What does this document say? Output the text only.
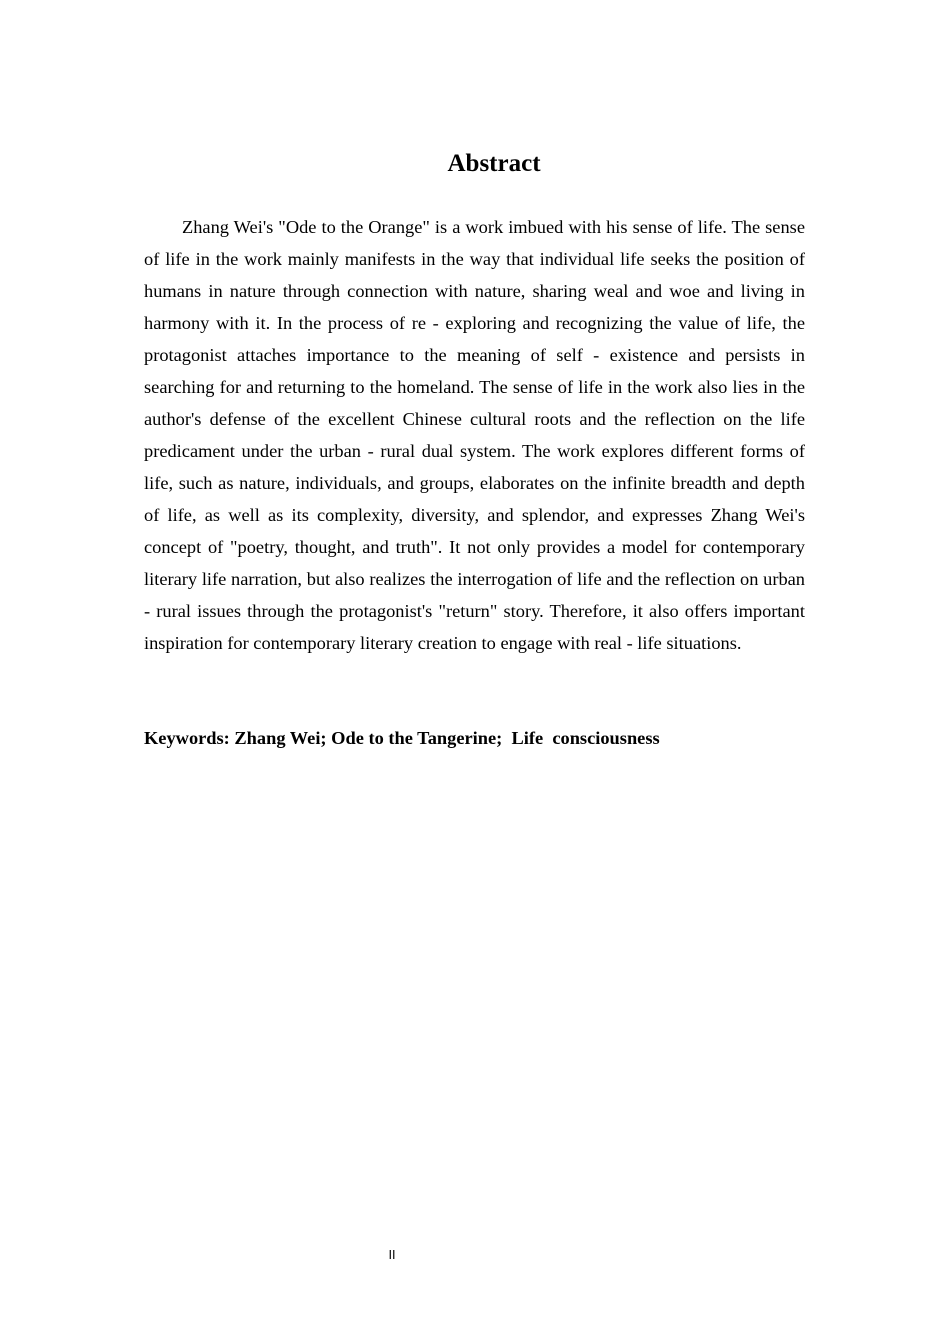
Abstract

Zhang Wei's "Ode to the Orange" is a work imbued with his sense of life. The sense of life in the work mainly manifests in the way that individual life seeks the position of humans in nature through connection with nature, sharing weal and woe and living in harmony with it. In the process of re - exploring and recognizing the value of life, the protagonist attaches importance to the meaning of self - existence and persists in searching for and returning to the homeland. The sense of life in the work also lies in the author's defense of the excellent Chinese cultural roots and the reflection on the life predicament under the urban - rural dual system. The work explores different forms of life, such as nature, individuals, and groups, elaborates on the infinite breadth and depth of life, as well as its complexity, diversity, and splendor, and expresses Zhang Wei's concept of "poetry, thought, and truth". It not only provides a model for contemporary literary life narration, but also realizes the interrogation of life and the reflection on urban - rural issues through the protagonist's "return" story. Therefore, it also offers important inspiration for contemporary literary creation to engage with real - life situations.

Keywords: Zhang Wei; Ode to the Tangerine;  Life  consciousness

II
